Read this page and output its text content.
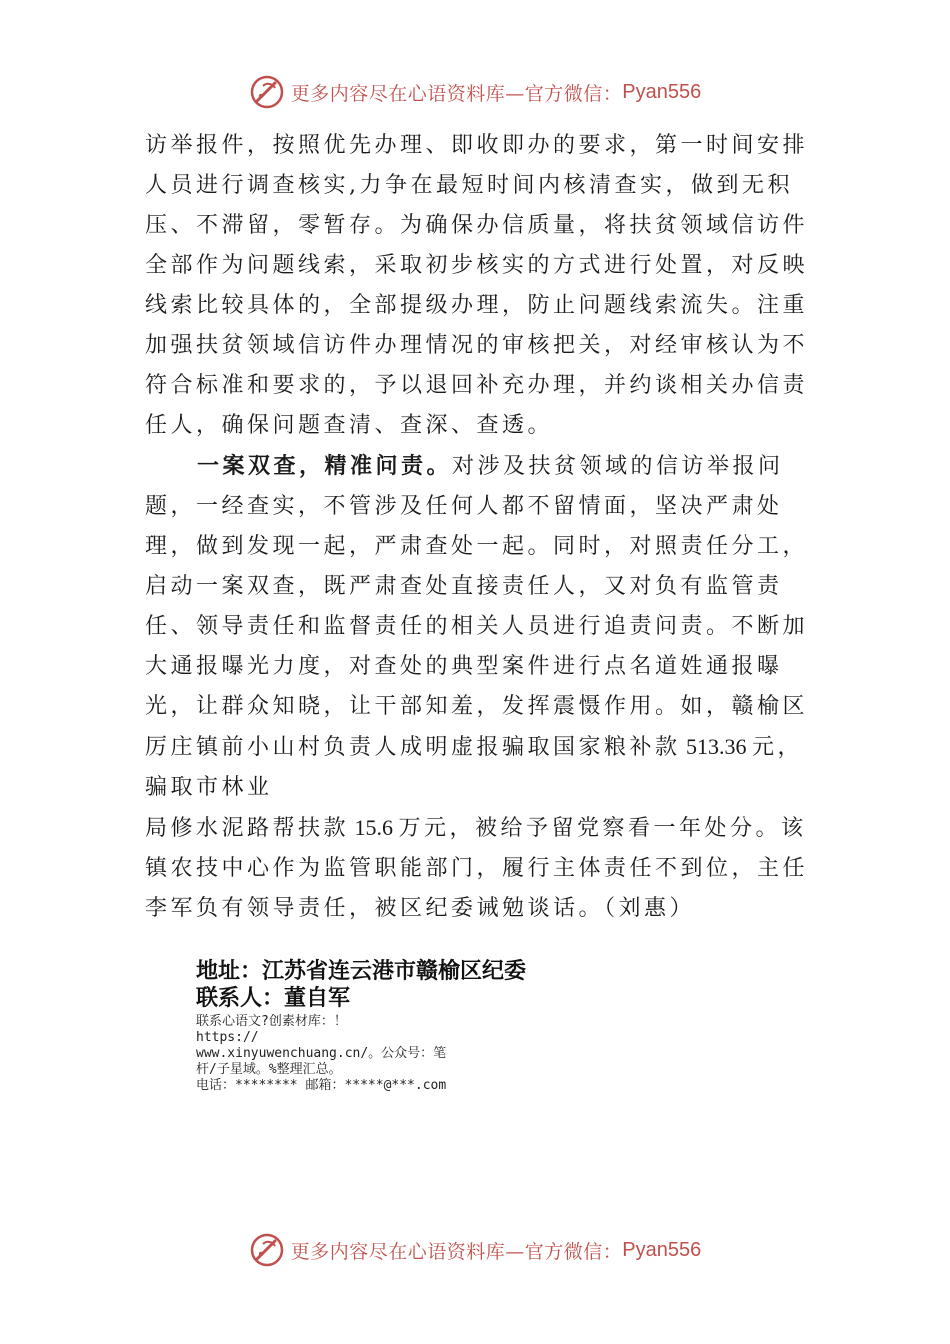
更多内容尽在心语资料库—官方微信： Pyan556

访举报件，按照优先办理、即收即办的要求，第一时间安排人员进行调查核实,力争在最短时间内核清查实，做到无积压、不滞留，零暂存。为确保办信质量，将扶贫领域信访件全部作为问题线索，采取初步核实的方式进行处置，对反映线索比较具体的，全部提级办理，防止问题线索流失。注重加强扶贫领域信访件办理情况的审核把关，对经审核认为不符合标准和要求的，予以退回补充办理，并约谈相关办信责任人，确保问题查清、查深、查透。

一案双查，精准问责。对涉及扶贫领域的信访举报问题，一经查实，不管涉及任何人都不留情面，坚决严肃处理，做到发现一起，严肃查处一起。同时，对照责任分工，启动一案双查，既严肃查处直接责任人，又对负有监管责任、领导责任和监督责任的相关人员进行追责问责。不断加大通报曝光力度，对查处的典型案件进行点名道姓通报曝光，让群众知晓，让干部知羞，发挥震慑作用。如，赣榆区厉庄镇前小山村负责人成明虚报骗取国家粮补款 513.36 元，骗取市林业

局修水泥路帮扶款 15.6 万元，被给予留党察看一年处分。该镇农技中心作为监管职能部门，履行主体责任不到位，主任李军负有领导责任，被区纪委诫勉谈话。（刘惠）

地址：江苏省连云港市赣榆区纪委
联系人：董自军
联系心语文?创素材库：！
https://
www.xinyuwenchuang.cn/。公众号：笔杆/子星域。%整理汇总。
电话：******** 邮箱：*****@***.com
更多内容尽在心语资料库—官方微信： Pyan556
